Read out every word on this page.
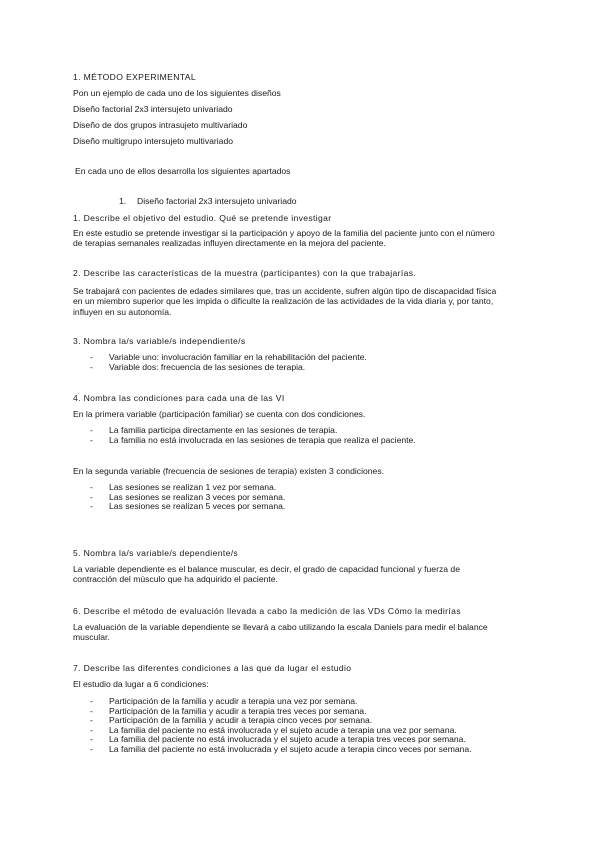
1. MÉTODO EXPERIMENTAL
Pon un ejemplo de cada uno de los siguientes diseños
Diseño factorial 2x3 intersujeto univariado
Diseño de dos grupos intrasujeto multivariado
Diseño multigrupo intersujeto multivariado
En cada uno de ellos desarrolla los siguientes apartados
1. Diseño factorial 2x3 intersujeto univariado
1. Describe el objetivo del estudio. Qué se pretende investigar
En este estudio se pretende investigar si la participación y apoyo de la familia del paciente junto con el número
de terapias semanales realizadas influyen directamente en la mejora del paciente.
2. Describe las características de la muestra (participantes) con la que trabajarías.
Se trabajará con pacientes de edades similares que, tras un accidente, sufren algún tipo de discapacidad física
en un miembro superior que les impida o dificulte la realización de las actividades de la vida diaria y, por tanto,
influyen en su autonomía.
3. Nombra la/s variable/s independiente/s
- Variable uno: involucración familiar en la rehabilitación del paciente.
- Variable dos: frecuencia de las sesiones de terapia.
4. Nombra las condiciones para cada una de las VI
En la primera variable (participación familiar) se cuenta con dos condiciones.
- La familia participa directamente en las sesiones de terapia.
- La familia no está involucrada en las sesiones de terapia que realiza el paciente.
En la segunda variable (frecuencia de sesiones de terapia) existen 3 condiciones.
- Las sesiones se realizan 1 vez por semana.
- Las sesiones se realizan 3 veces por semana.
- Las sesiones se realizan 5 veces por semana.
5. Nombra la/s variable/s dependiente/s
La variable dependiente es el balance muscular, es decir, el grado de capacidad funcional y fuerza de
contracción del músculo que ha adquirido el paciente.
6. Describe el método de evaluación llevada a cabo la medición de las VDs Cómo la medirías
La evaluación de la variable dependiente se llevará a cabo utilizando la escala Daniels para medir el balance
muscular.
7. Describe las diferentes condiciones a las que da lugar el estudio
El estudio da lugar a 6 condiciones:
- Participación de la familia y acudir a terapia una vez por semana.
- Participación de la familia y acudir a terapia tres veces por semana.
- Participación de la familia y acudir a terapia cinco veces por semana.
- La familia del paciente no está involucrada y el sujeto acude a terapia una vez por semana.
- La familia del paciente no está involucrada y el sujeto acude a terapia tres veces por semana.
- La familia del paciente no está involucrada y el sujeto acude a terapia cinco veces por semana.
